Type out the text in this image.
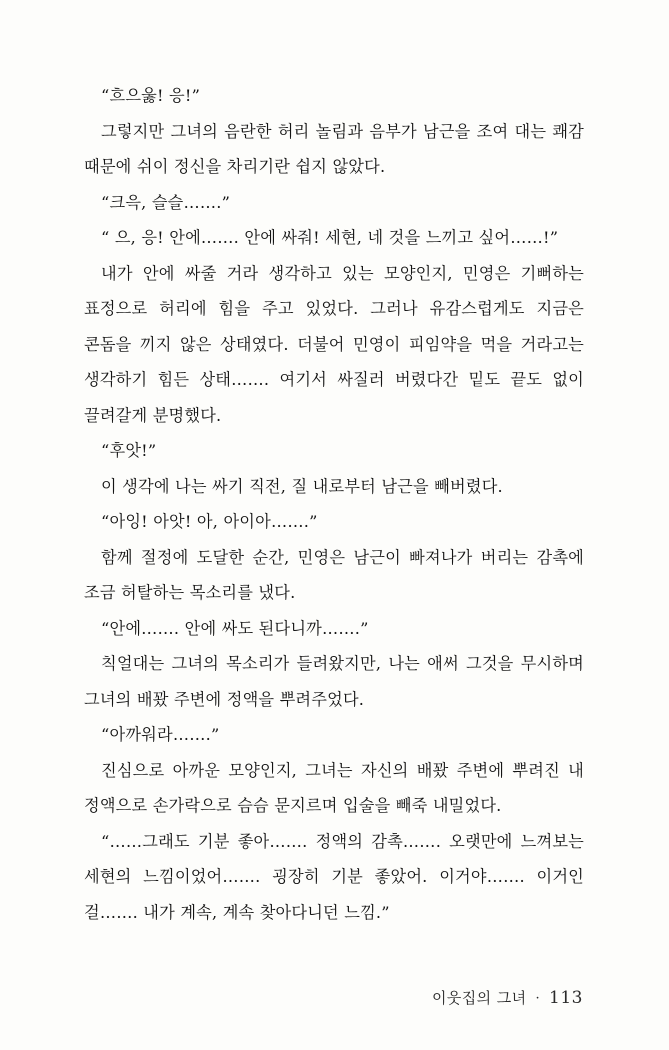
“흐으욿! 응!”

그렇지만 그녀의 음란한 허리 놀림과 음부가 남근을 조여 대는 쾌감 때문에 쉬이 정신을 차리기란 쉽지 않았다.

“크윽, 슬슬…….”

“ 으, 응! 안에……. 안에 싸줘! 세현, 네 것을 느끼고 싶어……!”

내가 안에 싸줄 거라 생각하고 있는 모양인지, 민영은 기뻐하는 표정으로 허리에 힘을 주고 있었다. 그러나 유감스럽게도 지금은 콘돔을 끼지 않은 상태였다. 더불어 민영이 피임약을 먹을 거라고는 생각하기 힘든 상태……. 여기서 싸질러 버렸다간 밑도 끝도 없이 끌려갈게 분명했다.

“후앗!”

이 생각에 나는 싸기 직전, 질 내로부터 남근을 빼버렸다.

“아잉! 아앗! 아, 아이아…….”

함께 절정에 도달한 순간, 민영은 남근이 빠져나가 버리는 감촉에 조금 허탈하는 목소리를 냈다.

“안에……. 안에 싸도 된다니까…….”

칙얼대는 그녀의 목소리가 들려왔지만, 나는 애써 그것을 무시하며 그녀의 배꽜 주변에 정액을 뿌려주었다.

“아까워라…….”

진심으로 아까운 모양인지, 그녀는 자신의 배꽜 주변에 뿌려진 내 정액으로 손가락으로 슴슴 문지르며 입술을 빼죽 내밀었다.

“……그래도 기분 좋아……. 정액의 감촉……. 오랫만에 느껴보는 세현의 느낌이었어……. 굉장히 기분 좋았어. 이거야……. 이거인 걸……. 내가 계속, 계속 찾아다니던 느낌.”

이웃집의 그녀 · 113
